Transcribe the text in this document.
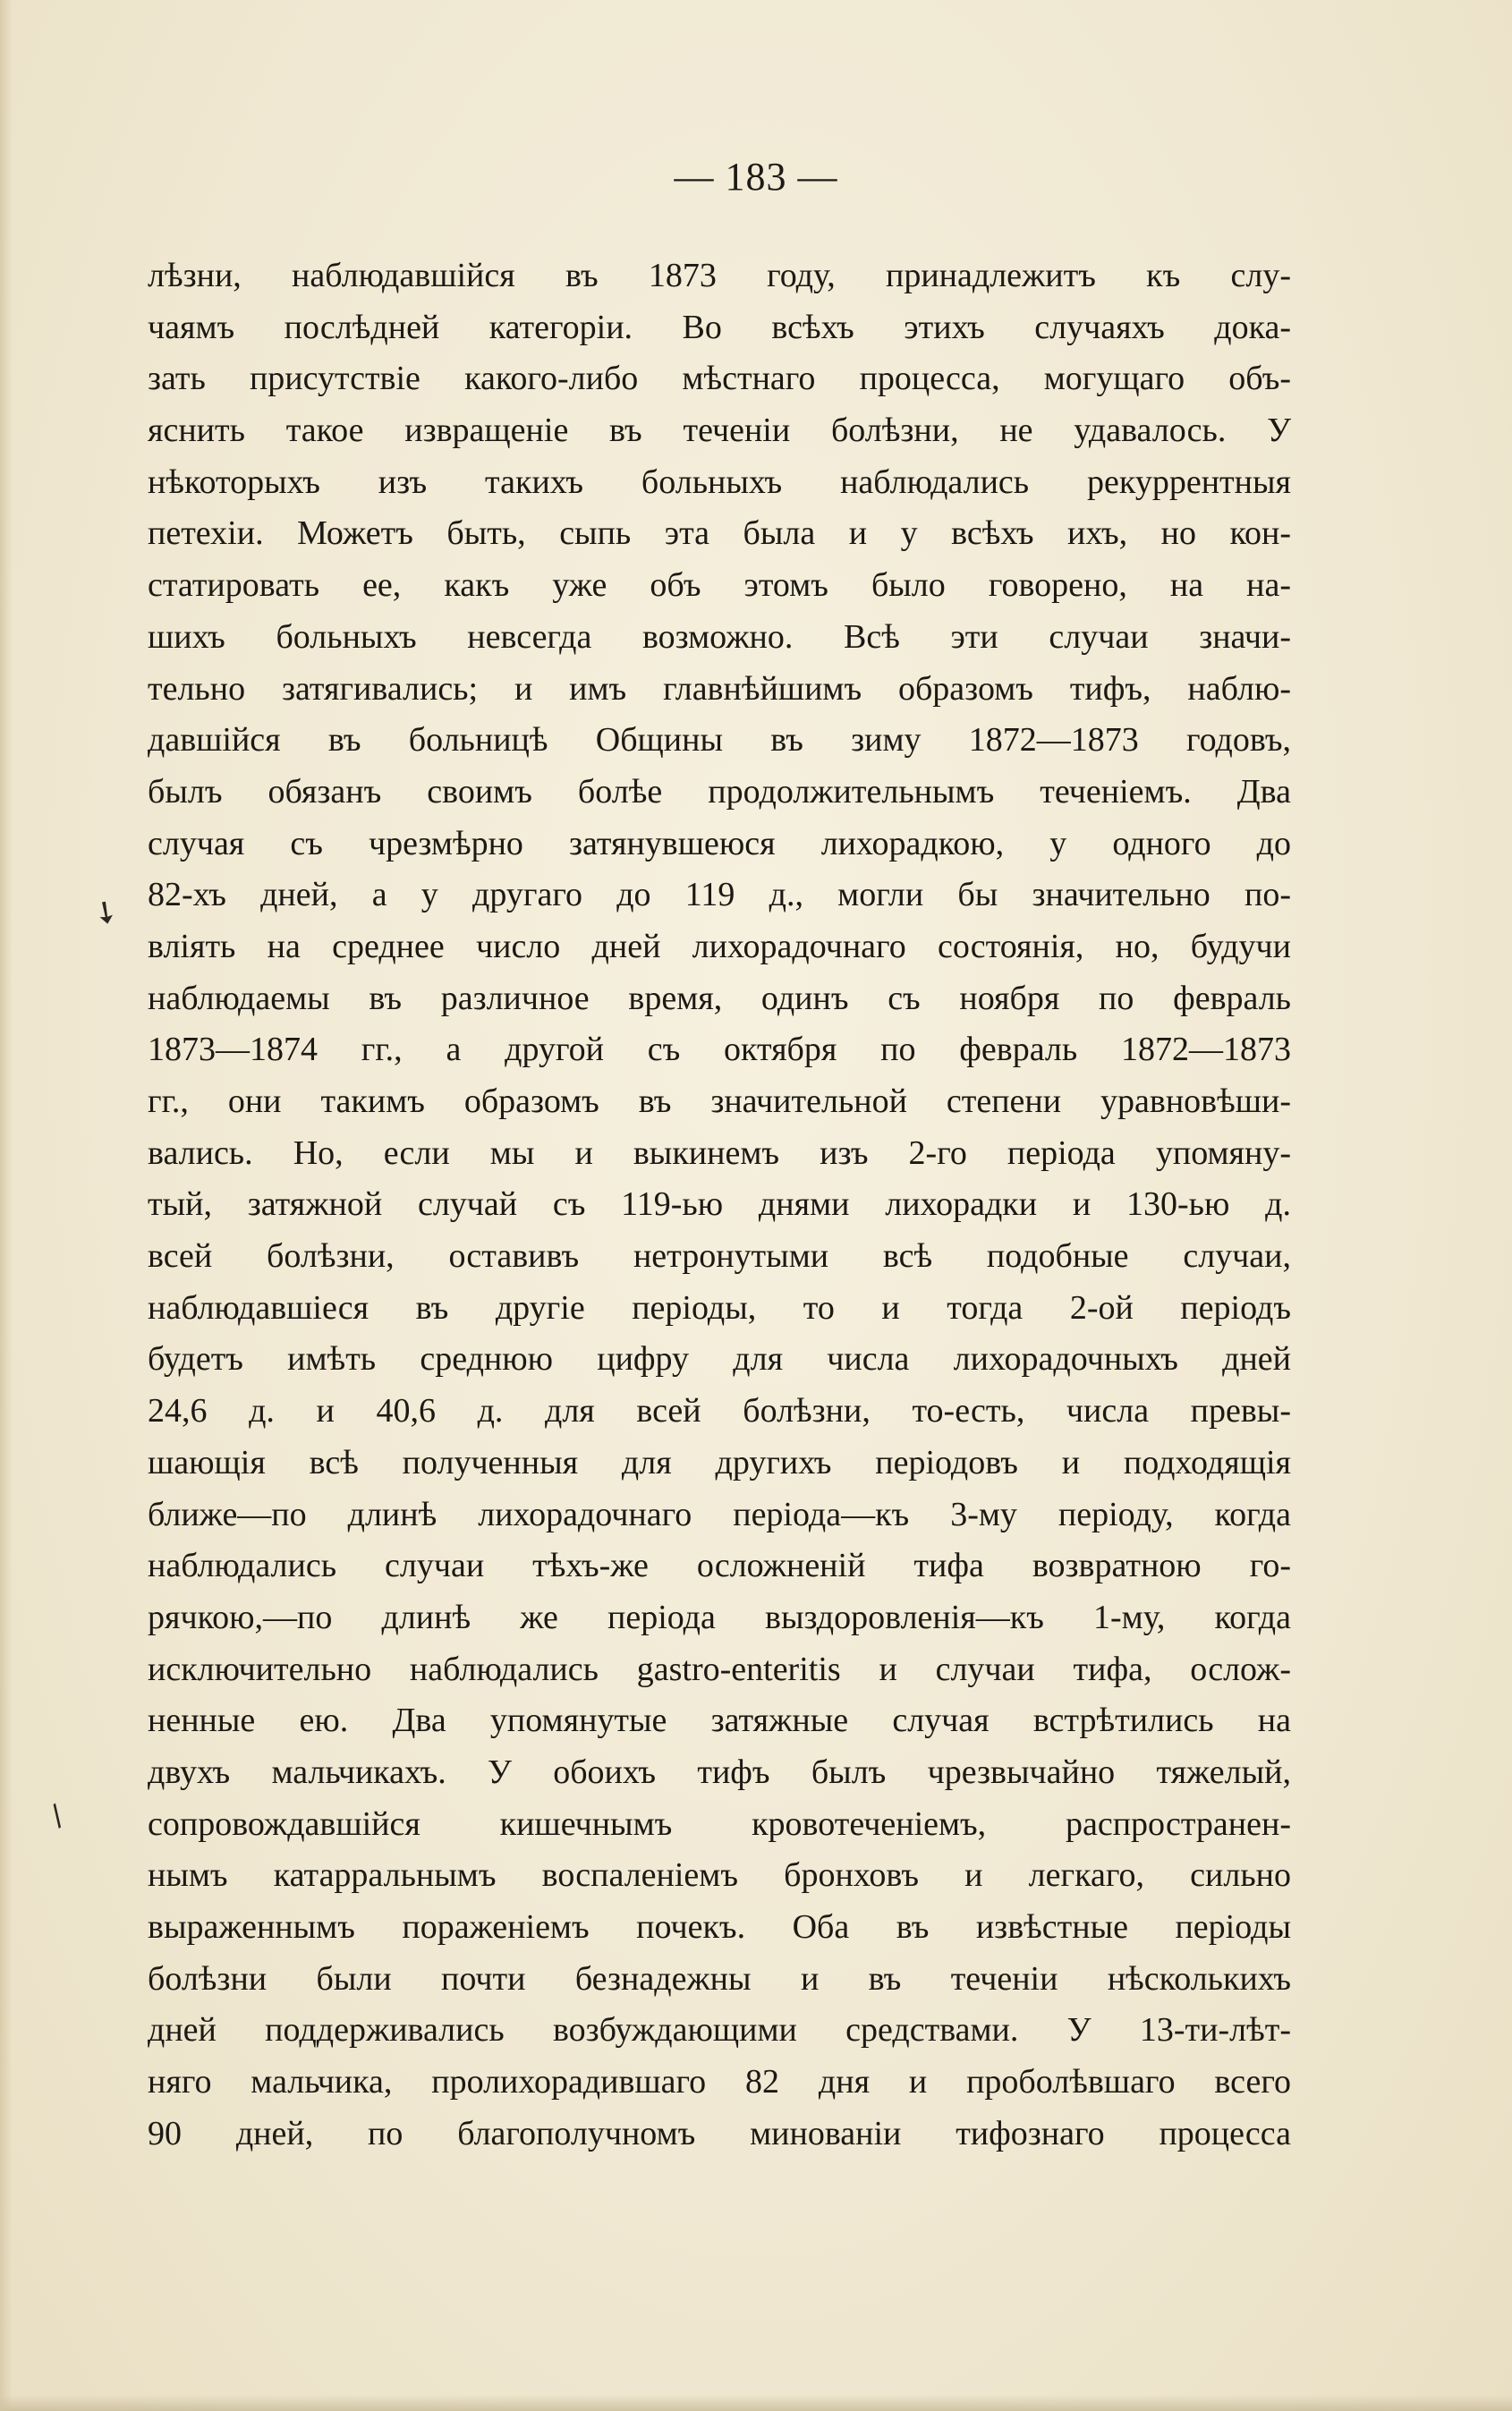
— 183 —
лѣзни, наблюдавшійся въ 1873 году, принадлежитъ къ слу-
чаямъ послѣдней категоріи. Во всѣхъ этихъ случаяхъ дока-
зать присутствіе какого-либо мѣстнаго процесса, могущаго объ-
яснить такое извращеніе въ теченіи болѣзни, не удавалось. У
нѣкоторыхъ изъ такихъ больныхъ наблюдались рекуррентныя
петехіи. Можетъ быть, сыпь эта была и у всѣхъ ихъ, но кон-
статировать ее, какъ уже объ этомъ было говорено, на на-
шихъ больныхъ невсегда возможно. Всѣ эти случаи значи-
тельно затягивались; и имъ главнѣйшимъ образомъ тифъ, наблю-
давшійся въ больницѣ Общины въ зиму 1872—1873 годовъ,
былъ обязанъ своимъ болѣе продолжительнымъ теченіемъ. Два
случая съ чрезмѣрно затянувшеюся лихорадкою, у одного до
82-хъ дней, а у другаго до 119 д., могли бы значительно по-
вліять на среднее число дней лихорадочнаго состоянія, но, будучи
наблюдаемы въ различное время, одинъ съ ноября по февраль
1873—1874 гг., а другой съ октября по февраль 1872—1873
гг., они такимъ образомъ въ значительной степени уравновѣши-
вались. Но, если мы и выкинемъ изъ 2-го періода упомяну-
тый, затяжной случай съ 119-ью днями лихорадки и 130-ью д.
всей болѣзни, оставивъ нетронутыми всѣ подобные случаи,
наблюдавшіеся въ другіе періоды, то и тогда 2-ой періодъ
будетъ имѣть среднюю цифру для числа лихорадочныхъ дней
24,6 д. и 40,6 д. для всей болѣзни, то-есть, числа превы-
шающія всѣ полученныя для другихъ періодовъ и подходящія
ближе—по длинѣ лихорадочнаго періода—къ 3-му періоду, когда
наблюдались случаи тѣхъ-же осложненій тифа возвратною го-
рячкою,—по длинѣ же періода выздоровленія—къ 1-му, когда
исключительно наблюдались gastro-enteritis и случаи тифа, ослож-
ненные ею. Два упомянутые затяжные случая встрѣтились на
двухъ мальчикахъ. У обоихъ тифъ былъ чрезвычайно тяжелый,
сопровождавшійся кишечнымъ кровотеченіемъ, распространен-
нымъ катарральнымъ воспаленіемъ бронховъ и легкаго, сильно
выраженнымъ пораженіемъ почекъ. Оба въ извѣстные періоды
болѣзни были почти безнадежны и въ теченіи нѣсколькихъ
дней поддерживались возбуждающими средствами. У 13-ти-лѣт-
няго мальчика, пролихорадившаго 82 дня и проболѣвшаго всего
90 дней, по благополучномъ минованіи тифознаго процесса
➘
/
